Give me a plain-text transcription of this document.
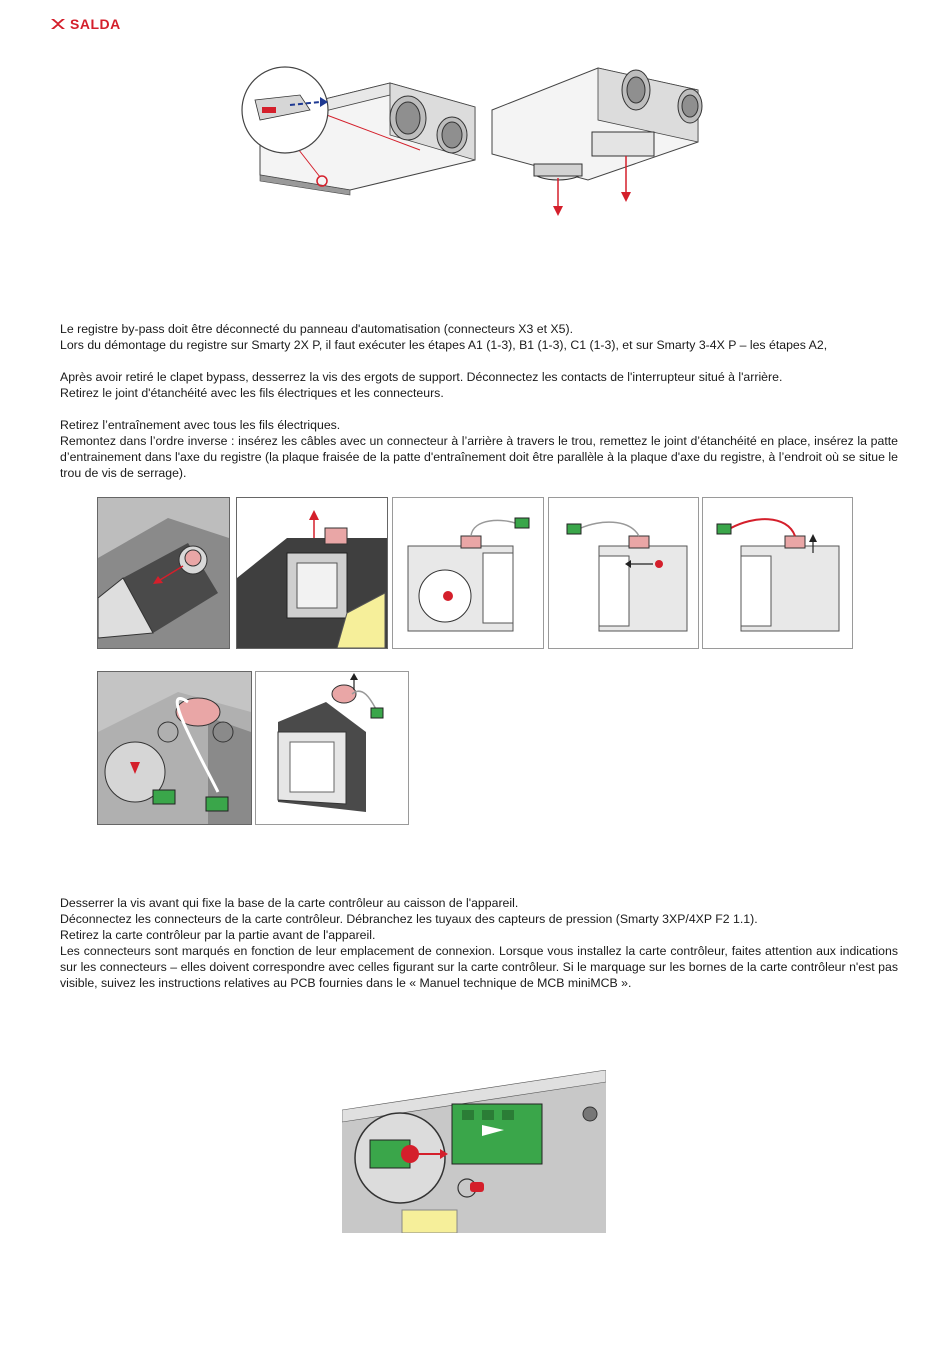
SALDA

Le registre by-pass doit être déconnecté du panneau d'automatisation (connecteurs X3 et X5).

Lors du démontage du registre sur Smarty 2X P, il faut exécuter les étapes A1 (1-3), B1 (1-3), C1 (1-3), et sur Smarty 3-4X P – les étapes A2,

Après avoir retiré le clapet bypass, desserrez la vis des ergots de support. Déconnectez les contacts de l'interrupteur situé à l'arrière.

Retirez le joint d'étanchéité avec les fils électriques et les connecteurs.

Retirez l’entraînement avec tous les fils électriques.

Remontez dans l’ordre inverse : insérez les câbles avec un connecteur à l’arrière à travers le trou, remettez le joint d’étanchéité en place, insérez la patte d’entrainement dans l'axe du registre (la plaque fraisée de la patte d'entraînement doit être parallèle à la plaque d'axe du registre, à l’endroit où se situe le trou de vis de serrage).

Desserrer la vis avant qui fixe la base de la carte contrôleur au caisson de l'appareil.

Déconnectez les connecteurs de la carte contrôleur. Débranchez les tuyaux des capteurs de pression (Smarty 3XP/4XP F2 1.1).

Retirez la carte contrôleur par la partie avant de l'appareil.

Les connecteurs sont marqués en fonction de leur emplacement de connexion. Lorsque vous installez la carte contrôleur, faites attention aux indications sur les connecteurs – elles doivent correspondre avec celles figurant sur la carte contrôleur. Si le marquage sur les bornes de la carte contrôleur n'est pas visible, suivez les instructions relatives au PCB fournies dans le « Manuel technique de MCB miniMCB ».
